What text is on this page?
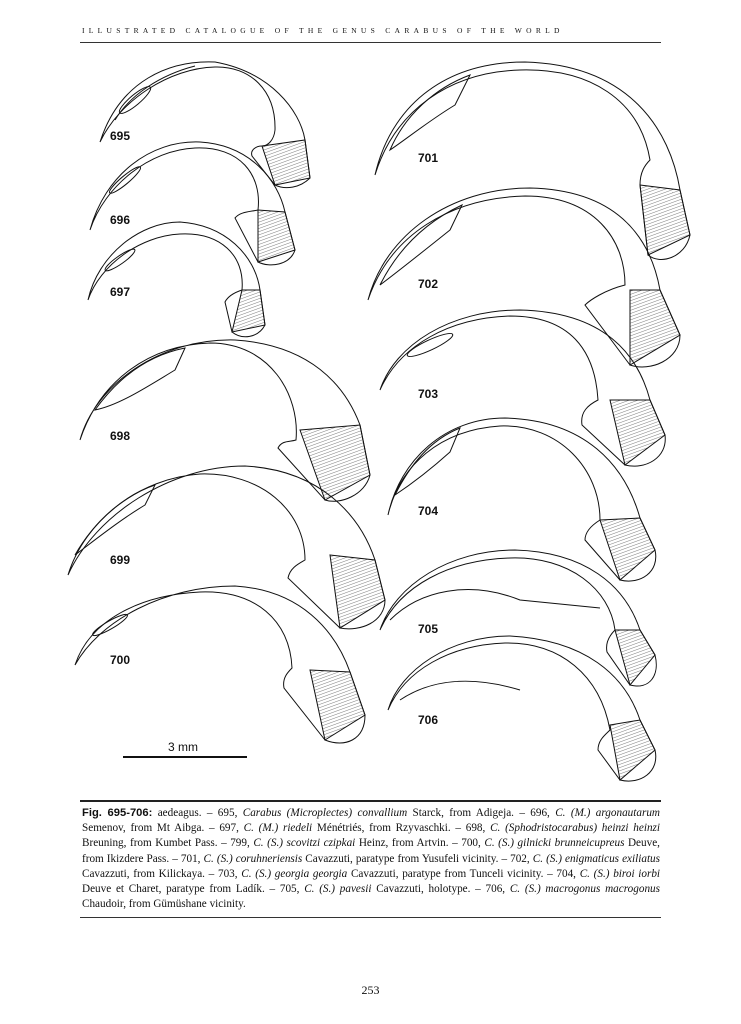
ILLUSTRATED CATALOGUE OF THE GENUS CARABUS OF THE WORLD
695
696
697
698
699
700
701
702
703
704
705
706
3 mm
Fig. 695-706: aedeagus. – 695, Carabus (Microplectes) convallium Starck, from Adigeja. – 696, C. (M.) argonautarum Semenov, from Mt Aibga. – 697, C. (M.) riedeli Ménétriés, from Rzyvaschki. – 698, C. (Sphodristocarabus) heinzi heinzi Breuning, from Kumbet Pass. – 799, C. (S.) scovitzi czipkai Heinz, from Artvin. – 700, C. (S.) gilnicki brunneicupreus Deuve, from Ikizdere Pass. – 701, C. (S.) coruhneriensis Cavazzuti, paratype from Yusufeli vicinity. – 702, C. (S.) enigmaticus exiliatus Cavazzuti, from Kilickaya. – 703, C. (S.) georgia georgia Cavazzuti, paratype from Tunceli vicinity. – 704, C. (S.) biroi iorbi Deuve et Charet, paratype from Ladík. – 705, C. (S.) pavesii Cavazzuti, holotype. – 706, C. (S.) macrogonus macrogonus Chaudoir, from Gümüshane vicinity.
253
